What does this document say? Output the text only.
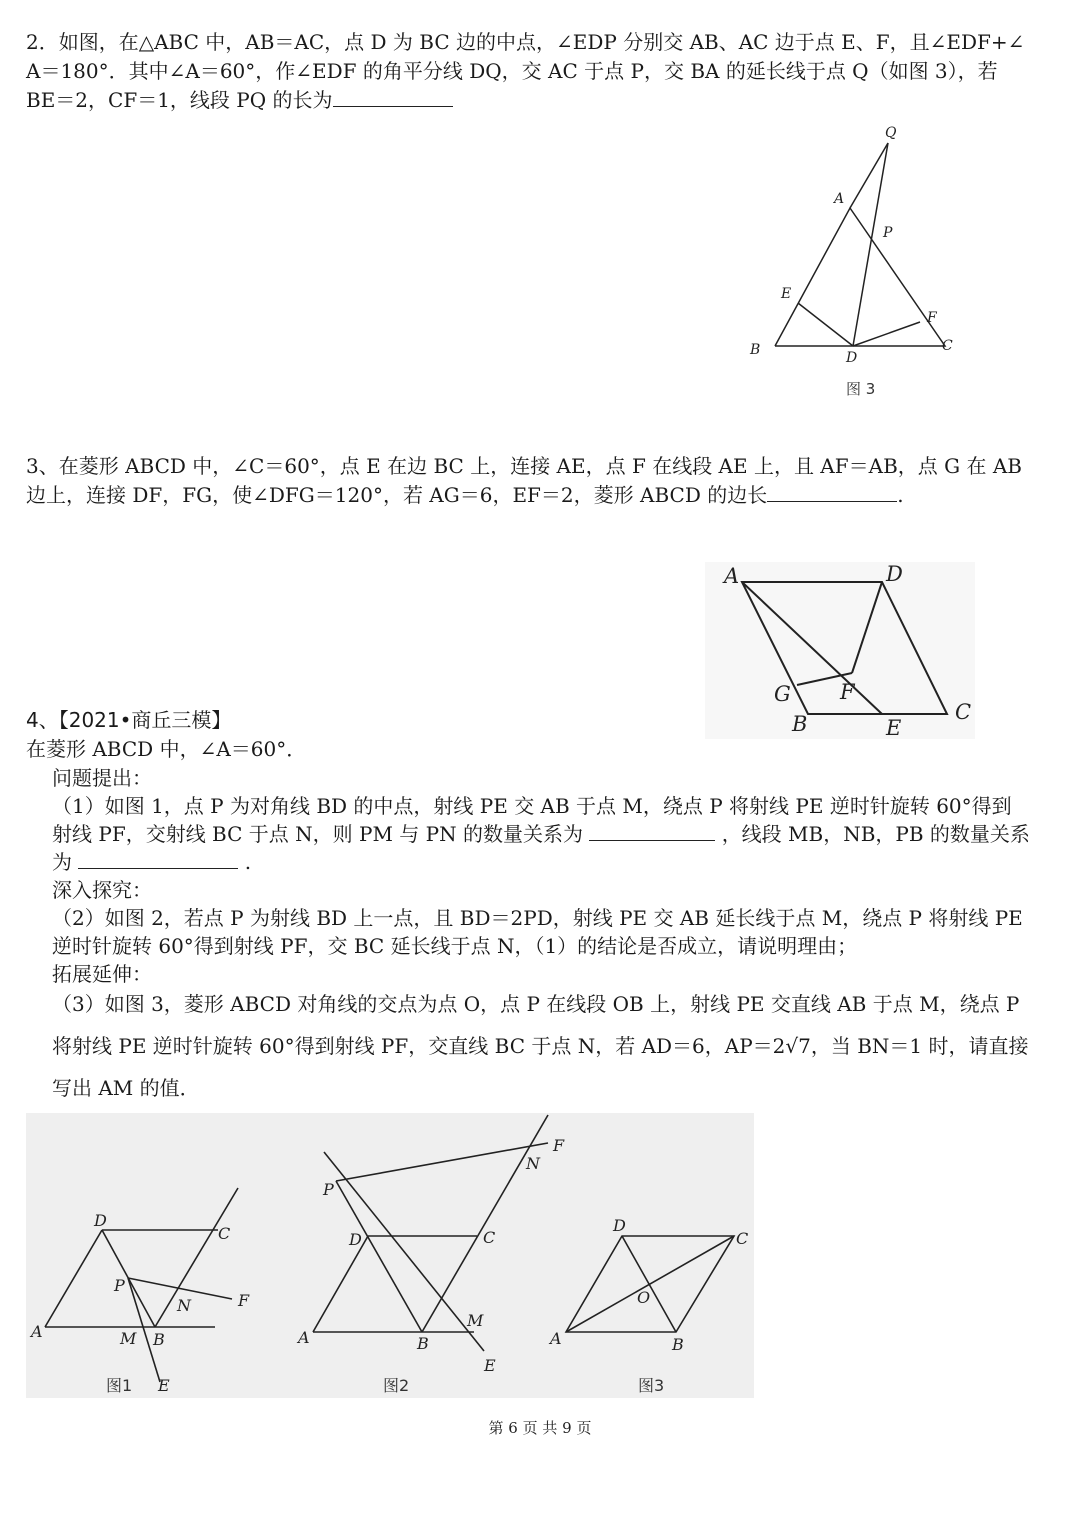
2．如图，在△ABC 中，AB＝AC，点 D 为 BC 边的中点，∠EDP 分别交 AB、AC 边于点 E、F，且∠EDF+∠
A＝180°．其中∠A＝60°，作∠EDF 的角平分线 DQ，交 AC 于点 P，交 BA 的延长线于点 Q（如图 3），若
BE＝2，CF＝1，线段 PQ 的长为
3、在菱形 ABCD 中，∠C＝60°，点 E 在边 BC 上，连接 AE，点 F 在线段 AE 上，且 AF＝AB，点 G 在 AB
边上，连接 DF，FG，使∠DFG＝120°，若 AG＝6，EF＝2，菱形 ABCD 的边长	.
4、【2021•商丘三模】
在菱形 ABCD 中，∠A＝60°．
问题提出：
（1）如图 1，点 P 为对角线 BD 的中点，射线 PE 交 AB 于点 M，绕点 P 将射线 PE 逆时针旋转 60°得到
射线 PF，交射线 BC 于点 N，则 PM 与 PN 的数量关系为	，线段 MB，NB，PB 的数量关系
为	.
深入探究：
（2）如图 2，若点 P 为射线 BD 上一点，且 BD＝2PD，射线 PE 交 AB 延长线于点 M，绕点 P 将射线 PE
逆时针旋转 60°得到射线 PF，交 BC 延长线于点 N，（1）的结论是否成立，请说明理由；
拓展延伸：
（3）如图 3，菱形 ABCD 对角线的交点为点 O，点 P 在线段 OB 上，射线 PE 交直线 AB 于点 M，绕点 P
将射线 PE 逆时针旋转 60°得到射线 PF，交直线 BC 于点 N，若 AD＝6，AP＝2√7，当 BN＝1 时，请直接
写出 AM 的值．
Q
A
P
E
F
B	D
C
图 3
A	D
G F
B	E
C
D
C
P
F
N
A	M B
E
图1
F
N
P
D	C
M
A	B
E
图2
D
C
O
A	B
图3
第 6 页 共 9 页
